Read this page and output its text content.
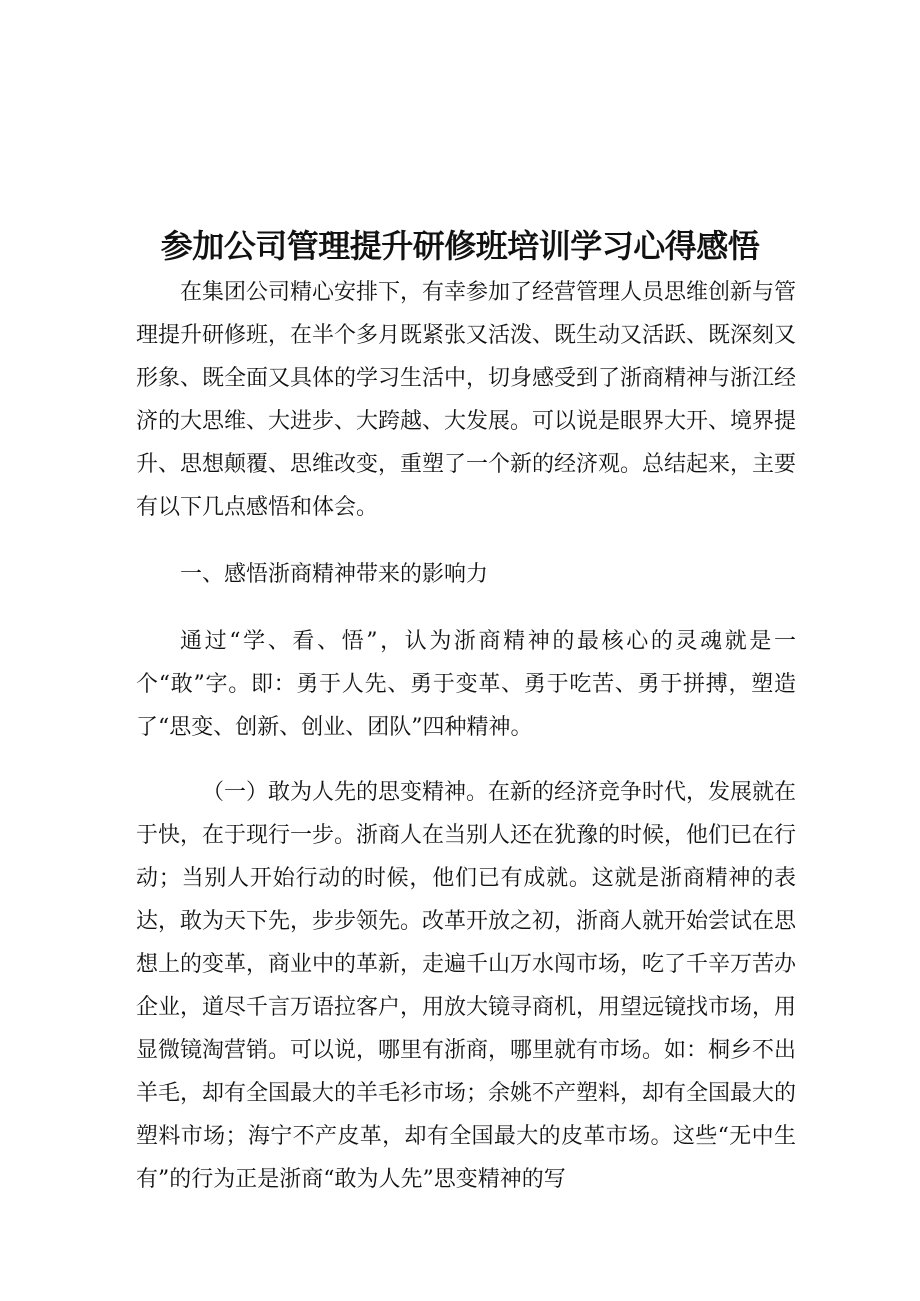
参加公司管理提升研修班培训学习心得感悟

在集团公司精心安排下，有幸参加了经营管理人员思维创新与管理提升研修班，在半个多月既紧张又活泼、既生动又活跃、既深刻又形象、既全面又具体的学习生活中，切身感受到了浙商精神与浙江经济的大思维、大进步、大跨越、大发展。可以说是眼界大开、境界提升、思想颠覆、思维改变，重塑了一个新的经济观。总结起来，主要有以下几点感悟和体会。

一、感悟浙商精神带来的影响力

通过“学、看、悟”，认为浙商精神的最核心的灵魂就是一个“敢”字。即：勇于人先、勇于变革、勇于吃苦、勇于拼搏，塑造了“思变、创新、创业、团队”四种精神。

（一）敢为人先的思变精神。在新的经济竞争时代，发展就在于快，在于现行一步。浙商人在当别人还在犹豫的时候，他们已在行动；当别人开始行动的时候，他们已有成就。这就是浙商精神的表达，敢为天下先，步步领先。改革开放之初，浙商人就开始尝试在思想上的变革，商业中的革新，走遍千山万水闯市场，吃了千辛万苦办企业，道尽千言万语拉客户，用放大镜寻商机，用望远镜找市场，用显微镜淘营销。可以说，哪里有浙商，哪里就有市场。如：桐乡不出羊毛，却有全国最大的羊毛衫市场；余姚不产塑料，却有全国最大的塑料市场；海宁不产皮革，却有全国最大的皮革市场。这些“无中生有”的行为正是浙商“敢为人先”思变精神的写
